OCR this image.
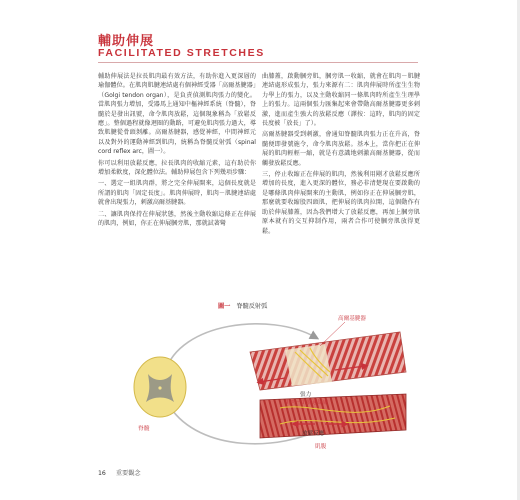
輔助伸展
FACILITATED STRETCHES

輔助伸展法是拉長肌肉最有效方法，有助你進入更深層的瑜伽體位。在肌肉肌腱連結處有個神經受器「高爾基腱器」（Golgi tendon organ），是負責偵測肌肉張力的變化。當肌肉張力增加，受器馬上通知中樞神經系統（脊髓），脊髓於是發出訊號，命令肌肉放鬆，這個現象稱為「放鬆反應」。整個過程就像迴圈的動路，可避免肌肉張力過大，導致肌腱從骨頭剝離。高爾基腱器，感覺神經，中間神經元以及對外的運動神經到肌肉，統稱為脊髓反射弧（spinal cord reflex arc，圖一）。

你可以利用放鬆反應，拉長肌肉的收縮元素，這有助於你增加柔軟度，深化體位法。輔助伸展包含下列幾項步驟：

一、選定一組肌肉群，將之完全伸展開來，這個長度就是所謂的肌肉「固定長度」。肌肉伸展時，肌肉－肌腱連結處就會出現張力，刺激高爾基腱器。

二、讓肌肉保持在伸展狀態，然後主動收縮這條正在伸展的肌肉，例如，你正在伸展膕旁肌，那就試著彎

曲膝蓋，啟動膕旁肌，膕旁肌一收縮，就會在肌肉－肌腱連結處形成張力，張力來源有二：肌肉伸展時所產生生物力學上的張力，以及主動收縮同一條肌肉時所產生生理學上的張力。這兩個張力匯集起來會帶動高爾基腱器更多刺激，進而產生強大的放鬆反應（譯按：這時，肌肉的固定長度被「放長」了）。

高爾基腱器受到刺激，會通知脊髓肌肉張力正在升高，脊髓便即發號施令，命令肌肉放鬆。基本上，當你把正在伸展的肌肉輕輕一縮，就是有意識地刺激高爾基腱器，從而觸發放鬆反應。

三，停止收縮正在伸展的肌肉，然後利用剛才放鬆反應所增加的長度，進入更深的體位，務必非清楚現在要啟動的是哪條肌肉伸展開來的主動肌，例如你正在伸展膕旁肌，那麼就要收縮股四頭肌，把伸展的肌肉拉開，這個動作有助於伸展膝蓋，因為我們增大了放鬆反應，再加上膕旁肌原本就有的交互抑制作用，兩者合作可使膕旁肌放得更鬆。

圖一 脊髓反射弧
高爾基腱器
張力
肌肉－肌腱連結處
脊髓
放鬆反應
肌腹
16 重要觀念
